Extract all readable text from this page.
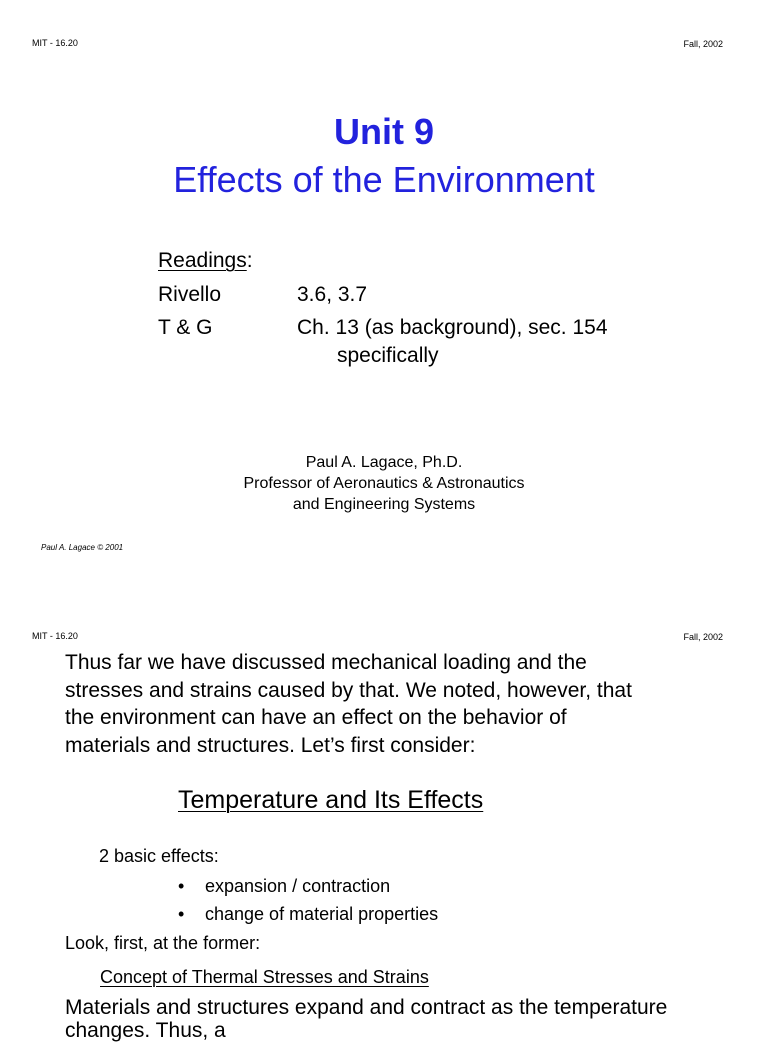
MIT - 16.20	Fall, 2002
Unit 9
Effects of the Environment
Readings:
Rivello	3.6, 3.7
T & G	Ch. 13 (as background), sec. 154
specifically
Paul A. Lagace, Ph.D.
Professor of Aeronautics & Astronautics
and Engineering Systems
Paul A. Lagace © 2001
MIT - 16.20	Fall, 2002
Thus far we have discussed mechanical loading and the
stresses and strains caused by that. We noted, however, that
the environment can have an effect on the behavior of
materials and structures. Let’s first consider:
Temperature and Its Effects
2 basic effects:
• expansion / contraction
• change of material properties
Look, first, at the former:
Concept of Thermal Stresses and Strains
Materials and structures expand and contract as the temperature
changes. Thus, a
